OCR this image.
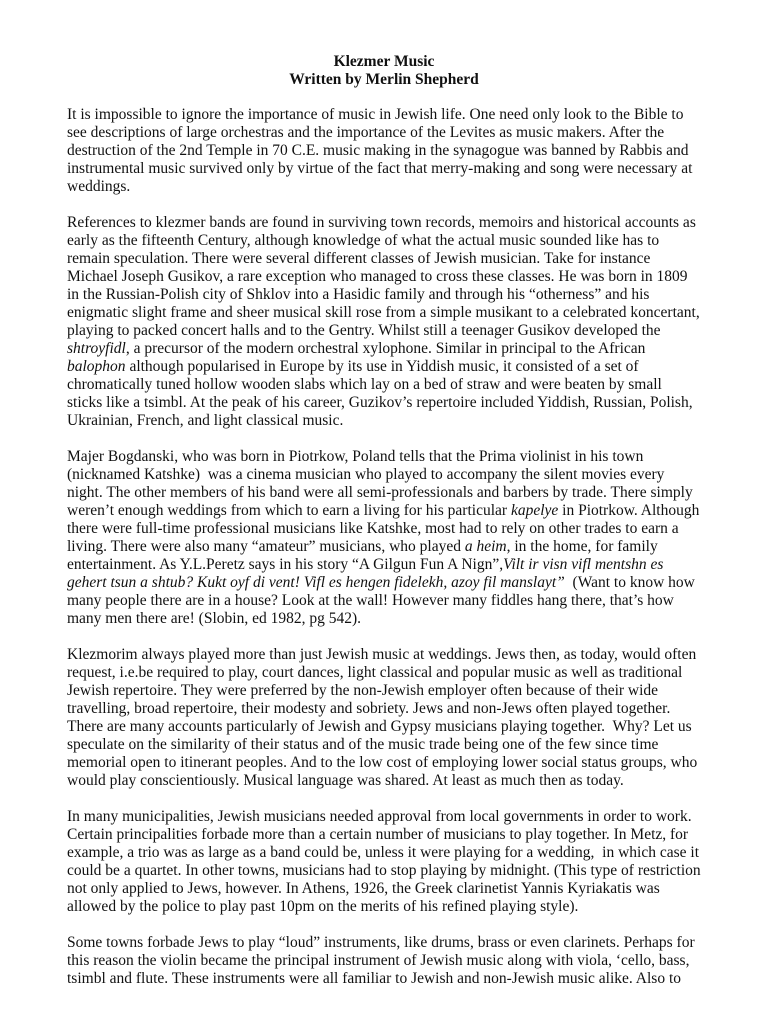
Klezmer Music
Written by Merlin Shepherd

It is impossible to ignore the importance of music in Jewish life. One need only look to the Bible to see descriptions of large orchestras and the importance of the Levites as music makers. After the destruction of the 2nd Temple in 70 C.E. music making in the synagogue was banned by Rabbis and instrumental music survived only by virtue of the fact that merry-making and song were necessary at weddings.

References to klezmer bands are found in surviving town records, memoirs and historical accounts as early as the fifteenth Century, although knowledge of what the actual music sounded like has to remain speculation. There were several different classes of Jewish musician. Take for instance Michael Joseph Gusikov, a rare exception who managed to cross these classes. He was born in 1809 in the Russian-Polish city of Shklov into a Hasidic family and through his “otherness” and his enigmatic slight frame and sheer musical skill rose from a simple musikant to a celebrated koncertant, playing to packed concert halls and to the Gentry. Whilst still a teenager Gusikov developed the shtroyfidl, a precursor of the modern orchestral xylophone. Similar in principal to the African balophon although popularised in Europe by its use in Yiddish music, it consisted of a set of chromatically tuned hollow wooden slabs which lay on a bed of straw and were beaten by small sticks like a tsimbl. At the peak of his career, Guzikov’s repertoire included Yiddish, Russian, Polish, Ukrainian, French, and light classical music.

Majer Bogdanski, who was born in Piotrkow, Poland tells that the Prima violinist in his town (nicknamed Katshke)  was a cinema musician who played to accompany the silent movies every night. The other members of his band were all semi-professionals and barbers by trade. There simply weren’t enough weddings from which to earn a living for his particular kapelye in Piotrkow. Although there were full-time professional musicians like Katshke, most had to rely on other trades to earn a living. There were also many “amateur” musicians, who played a heim, in the home, for family entertainment. As Y.L.Peretz says in his story “A Gilgun Fun A Nign”,Vilt ir visn vifl mentshn es gehert tsun a shtub? Kukt oyf di vent! Vifl es hengen fidelekh, azoy fil manslayt”  (Want to know how many people there are in a house? Look at the wall! However many fiddles hang there, that’s how many men there are! (Slobin, ed 1982, pg 542).

Klezmorim always played more than just Jewish music at weddings. Jews then, as today, would often request, i.e.be required to play, court dances, light classical and popular music as well as traditional Jewish repertoire. They were preferred by the non-Jewish employer often because of their wide travelling, broad repertoire, their modesty and sobriety. Jews and non-Jews often played together. There are many accounts particularly of Jewish and Gypsy musicians playing together.  Why? Let us speculate on the similarity of their status and of the music trade being one of the few since time memorial open to itinerant peoples. And to the low cost of employing lower social status groups, who would play conscientiously. Musical language was shared. At least as much then as today.

In many municipalities, Jewish musicians needed approval from local governments in order to work. Certain principalities forbade more than a certain number of musicians to play together. In Metz, for example, a trio was as large as a band could be, unless it were playing for a wedding,  in which case it could be a quartet. In other towns, musicians had to stop playing by midnight. (This type of restriction not only applied to Jews, however. In Athens, 1926, the Greek clarinetist Yannis Kyriakatis was allowed by the police to play past 10pm on the merits of his refined playing style).

Some towns forbade Jews to play “loud” instruments, like drums, brass or even clarinets. Perhaps for this reason the violin became the principal instrument of Jewish music along with viola, ‘cello, bass, tsimbl and flute. These instruments were all familiar to Jewish and non-Jewish music alike. Also to
